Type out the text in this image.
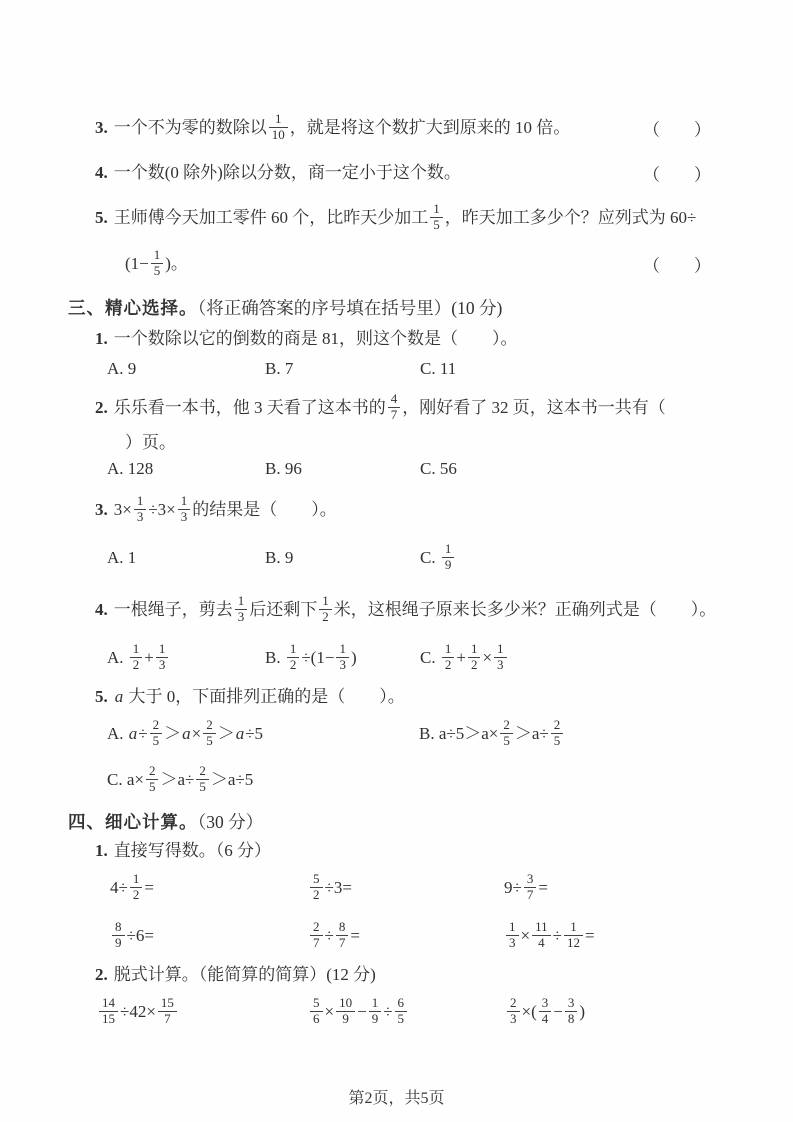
3. 一个不为零的数除以 $\frac{1}{10}$ ，就是将这个数扩大到原来的 10 倍。	（　　）
4. 一个数(0 除外)除以分数，商一定小于这个数。	（　　）
5. 王师傅今天加工零件 60 个，比昨天少加工 $\frac{1}{5}$ ，昨天加工多少个？应列式为 60÷
($1- \frac{1}{5}$ )。	（　　）
三、精心选择。（将正确答案的序号填在括号里）(10 分)
1. 一个数除以它的倒数的商是 81，则这个数是（　　）。
A. 9	B. 7	C. 11
2. 乐乐看一本书，他 3 天看了这本书的 $\frac{4}{7}$ ，刚好看了 32 页，这本书一共有（
）页。
A. 128	B. 96	C. 56
3. $3\times \frac{1}{3} \div 3\times \frac{1}{3}$ 的结果是（　　）。
A. 1	B. 9	C. $\frac{1}{9}$
4. 一根绳子，剪去 $\frac{1}{3}$ 后还剩下 $\frac{1}{2}$ 米，这根绳子原来长多少米？正确列式是（　　）。
A. $\frac{1}{2} + \frac{1}{3}$	B. $\frac{1}{2} \div(1- \frac{1}{3}$ )	C. $\frac{1}{2} + \frac{1}{2} \times \frac{1}{3}$
5. a 大于 0，下面排列正确的是（　　）。
A. $a\div \frac{2}{5} >a\times \frac{2}{5} >a\div 5$	B. $a\div 5>a\times \frac{2}{5} >a\div \frac{2}{5}$
C. $a\times \frac{2}{5} >a\div \frac{2}{5} >a\div 5$
四、细心计算。（30 分）
1. 直接写得数。（6 分）
$4\div \frac{1}{2}$ =	$\frac{5}{2} \div 3=$	$9\div \frac{3}{7}$ =
$\frac{8}{9} \div 6=$	$\frac{2}{7} \div \frac{8}{7}$ =	$\frac{1}{3} \times \frac{11}{4} \div \frac{1}{12}$ =
2. 脱式计算。（能简算的简算）(12 分)
$\frac{14}{15} \div 42\times \frac{15}{7}$	$\frac{5}{6} \times \frac{10}{9} - \frac{1}{9} \div \frac{6}{5}$	$\frac{2}{3}$ ×( $\frac{3}{4} - \frac{3}{8}$ )
第2页，共5页
